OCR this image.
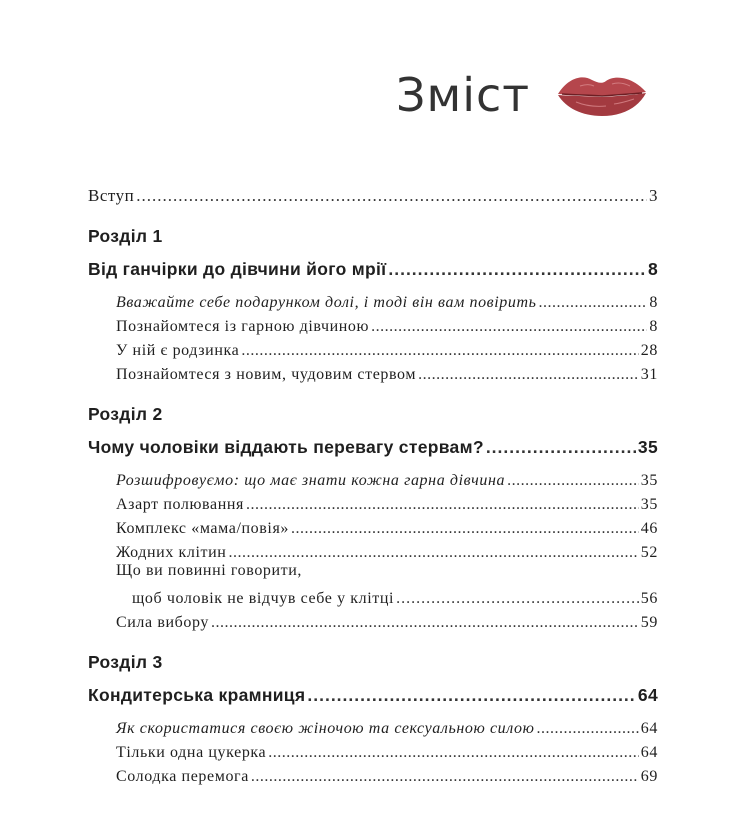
Зміст
Вступ .....	3
Розділ 1
Від ганчірки до дівчини його мрії .....	8
Вважайте себе подарунком долі, і тоді він вам повірить .....	8
Познайомтеся із гарною дівчиною .....	8
У ній є родзинка .....	28
Познайомтеся з новим, чудовим стервом .....	31
Розділ 2
Чому чоловіки віддають перевагу стервам? .....	35
Розшифровуємо: що має знати кожна гарна дівчина .....	35
Азарт полювання .....	35
Комплекс «мама/повія» .....	46
Жодних клітин .....	52
Що ви повинні говорити,
щоб чоловік не відчув себе у клітці .....	56
Сила вибору .....	59
Розділ 3
Кондитерська крамниця .....	64
Як скористатися своєю жіночою та сексуальною силою .....	64
Тільки одна цукерка .....	64
Солодка перемога .....	69
